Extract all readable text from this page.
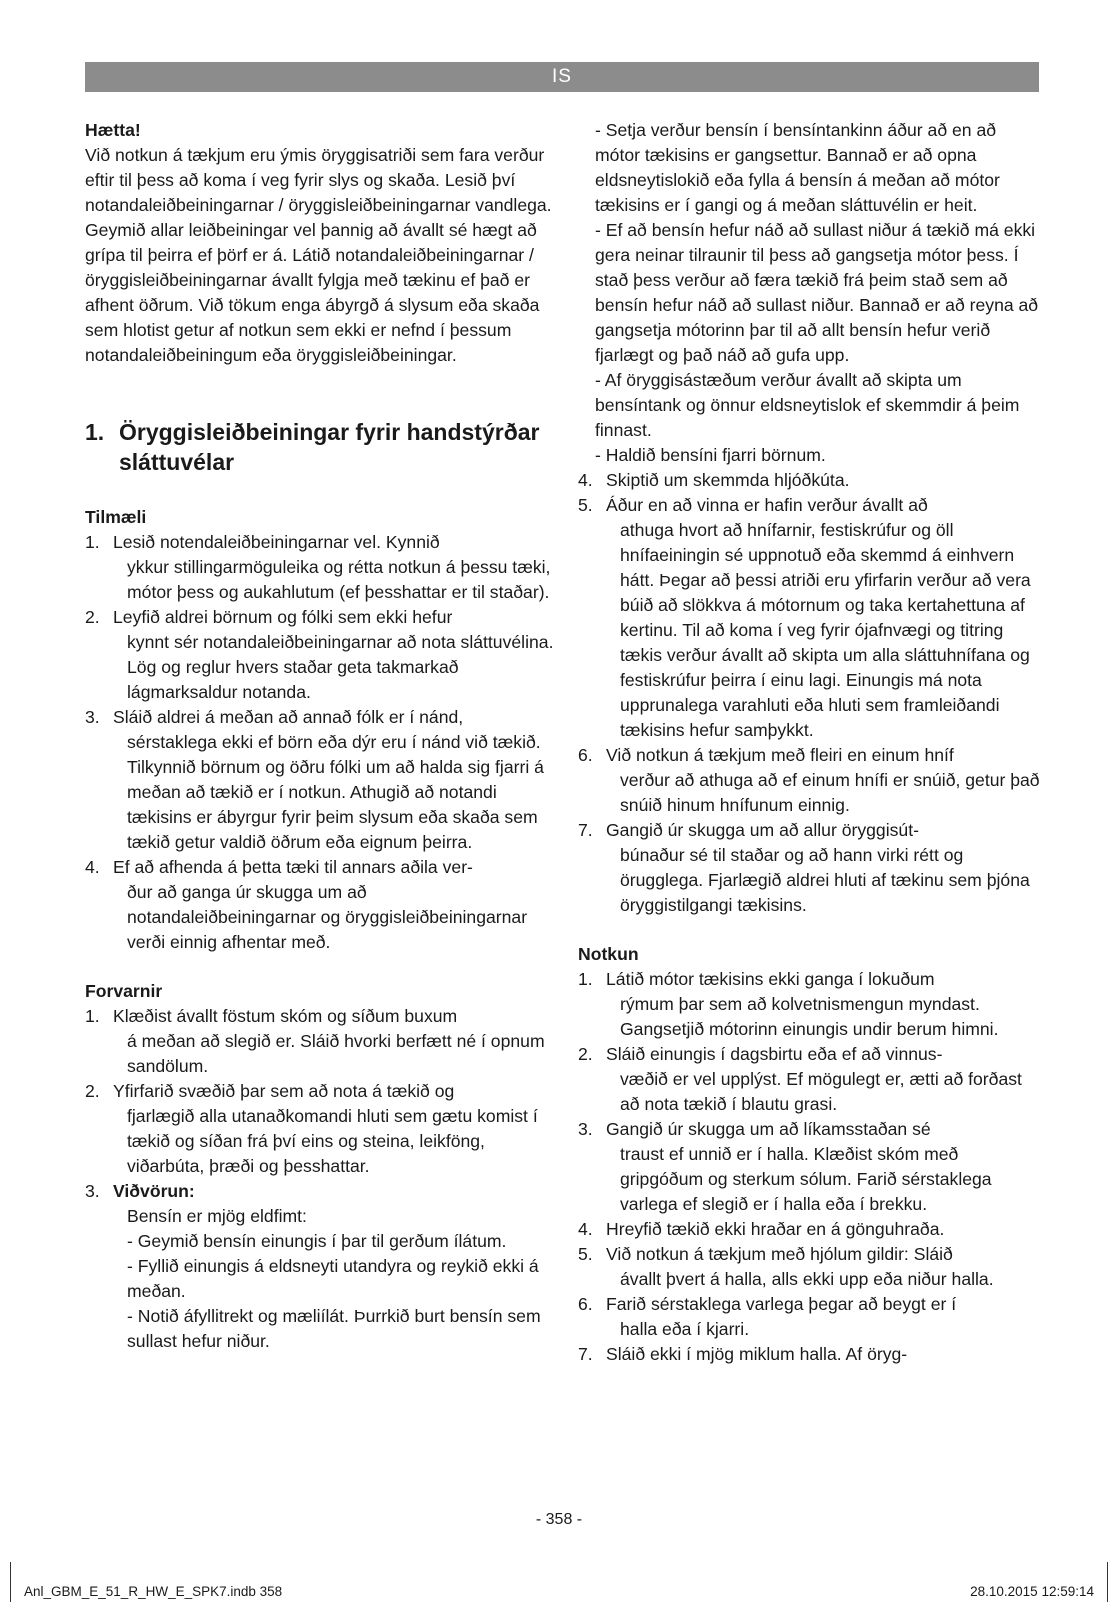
IS

Hætta!

Við notkun á tækjum eru ýmis öryggisatriði sem fara verður eftir til þess að koma í veg fyrir slys og skaða. Lesið því notandaleiðbeiningarnar / öryggisleiðbeiningarnar vandlega. Geymið allar leiðbeiningar vel þannig að ávallt sé hægt að grípa til þeirra ef þörf er á. Látið notandaleiðbeiningarnar / öryggisleiðbeiningarnar ávallt fylgja með tækinu ef það er afhent öðrum. Við tökum enga ábyrgð á slysum eða skaða sem hlotist getur af notkun sem ekki er nefnd í þessum notandaleiðbeiningum eða öryggisleiðbeiningar.

1. Öryggisleiðbeiningar fyrir handstýrðar sláttuvélar

Tilmæli

1. Lesið notendaleiðbeiningarnar vel. Kynnið
ykkur stillingarmöguleika og rétta notkun á þessu tæki, mótor þess og aukahlutum (ef þesshattar er til staðar).
2. Leyfið aldrei börnum og fólki sem ekki hefur
kynnt sér notandaleiðbeiningarnar að nota sláttuvélina. Lög og reglur hvers staðar geta takmarkað lágmarksaldur notanda.
3. Sláið aldrei á meðan að annað fólk er í nánd,
sérstaklega ekki ef börn eða dýr eru í nánd við tækið. Tilkynnið börnum og öðru fólki um að halda sig fjarri á meðan að tækið er í notkun. Athugið að notandi tækisins er ábyrgur fyrir þeim slysum eða skaða sem tækið getur valdið öðrum eða eignum þeirra.
4. Ef að afhenda á þetta tæki til annars aðila ver-
ður að ganga úr skugga um að notandaleiðbeiningarnar og öryggisleiðbeiningarnar verði einnig afhentar með.

Forvarnir

1. Klæðist ávallt föstum skóm og síðum buxum
á meðan að slegið er. Sláið hvorki berfætt né í opnum sandölum.
2. Yfirfarið svæðið þar sem að nota á tækið og
fjarlægið alla utanaðkomandi hluti sem gætu komist í tækið og síðan frá því eins og steina, leikföng, viðarbúta, þræði og þesshattar.
3. Viðvörun:

Bensín er mjög eldfimt:

- Geymið bensín einungis í þar til gerðum ílátum.

- Fyllið einungis á eldsneyti utandyra og reykið ekki á meðan.

- Notið áfyllitrekt og mæliílát. Þurrkið burt bensín sem sullast hefur niður.

- Setja verður bensín í bensíntankinn áður að en að mótor tækisins er gangsettur. Bannað er að opna eldsneytislokið eða fylla á bensín á meðan að mótor tækisins er í gangi og á meðan sláttuvélin er heit.

- Ef að bensín hefur náð að sullast niður á tækið má ekki gera neinar tilraunir til þess að gangsetja mótor þess. Í stað þess verður að færa tækið frá þeim stað sem að bensín hefur náð að sullast niður. Bannað er að reyna að gangsetja mótorinn þar til að allt bensín hefur verið fjarlægt og það náð að gufa upp.

- Af öryggisástæðum verður ávallt að skipta um bensíntank og önnur eldsneytislok ef skemmdir á þeim finnast.

- Haldið bensíni fjarri börnum.

4. Skiptið um skemmda hljóðkúta.
5. Áður en að vinna er hafin verður ávallt að
athuga hvort að hnífarnir, festiskrúfur og öll hnífaeiningin sé uppnotuð eða skemmd á einhvern hátt. Þegar að þessi atriði eru yfirfarin verður að vera búið að slökkva á mótornum og taka kertahettuna af kertinu. Til að koma í veg fyrir ójafnvægi og titring tækis verður ávallt að skipta um alla sláttuhnífana og festiskrúfur þeirra í einu lagi. Einungis má nota upprunalega varahluti eða hluti sem framleiðandi tækisins hefur samþykkt.
6. Við notkun á tækjum með fleiri en einum hníf
verður að athuga að ef einum hnífi er snúið, getur það snúið hinum hnífunum einnig.
7. Gangið úr skugga um að allur öryggisút-
búnaður sé til staðar og að hann virki rétt og örugglega. Fjarlægið aldrei hluti af tækinu sem þjóna öryggistilgangi tækisins.

Notkun

1. Látið mótor tækisins ekki ganga í lokuðum
rýmum þar sem að kolvetnismengun myndast. Gangsetjið mótorinn einungis undir berum himni.
2. Sláið einungis í dagsbirtu eða ef að vinnus-
væðið er vel upplýst. Ef mögulegt er, ætti að forðast að nota tækið í blautu grasi.
3. Gangið úr skugga um að líkamsstaðan sé
traust ef unnið er í halla. Klæðist skóm með gripgóðum og sterkum sólum. Farið sérstaklega varlega ef slegið er í halla eða í brekku.
4. Hreyfið tækið ekki hraðar en á gönguhraða.
5. Við notkun á tækjum með hjólum gildir: Sláið
ávallt þvert á halla, alls ekki upp eða niður halla.
6. Farið sérstaklega varlega þegar að beygt er í
halla eða í kjarri.
7. Sláið ekki í mjög miklum halla. Af öryg-
- 358 -
Anl_GBM_E_51_R_HW_E_SPK7.indb 358	28.10.2015 12:59:14
